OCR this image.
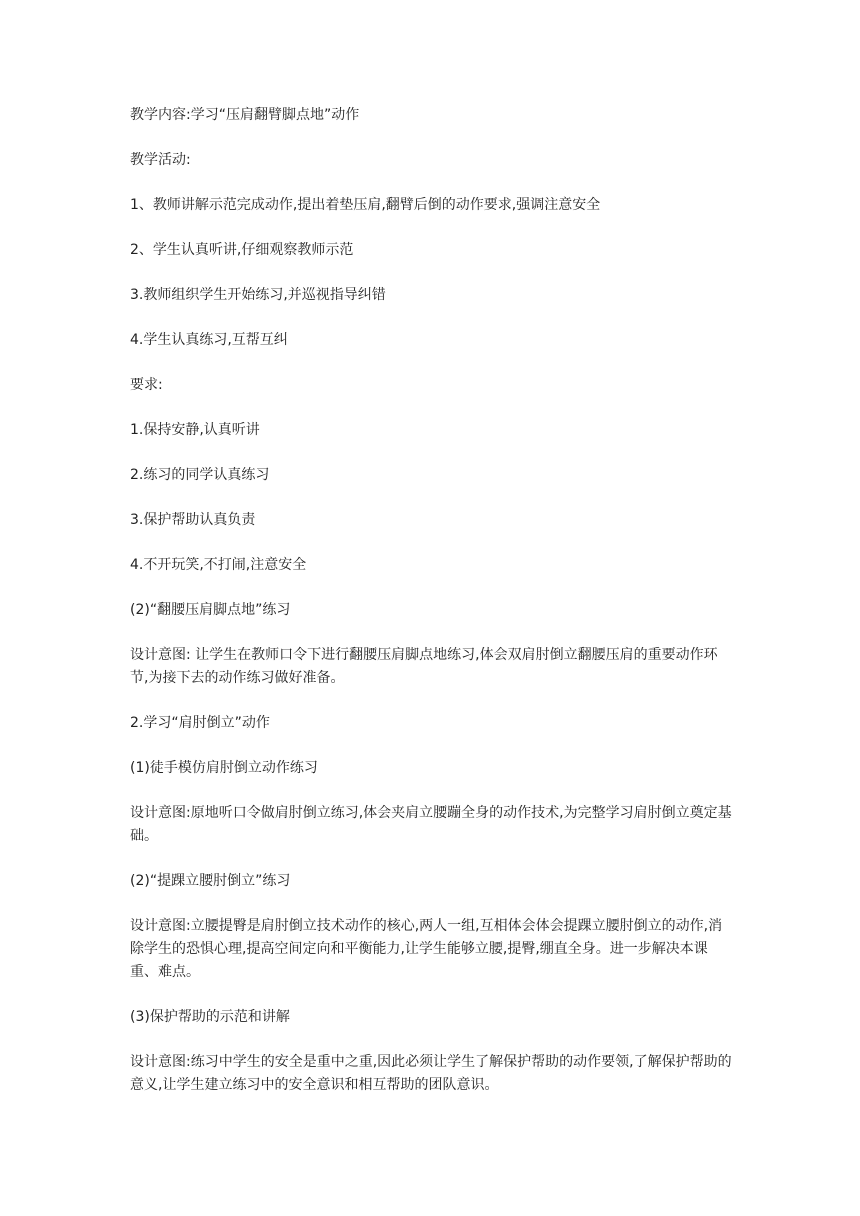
教学内容:学习“压肩翻臂脚点地”动作

教学活动:

1、教师讲解示范完成动作,提出着垫压肩,翻臂后倒的动作要求,强调注意安全

2、学生认真听讲,仔细观察教师示范

3.教师组织学生开始练习,并巡视指导纠错

4.学生认真练习,互帮互纠

要求:

1.保持安静,认真听讲

2.练习的同学认真练习

3.保护帮助认真负责

4.不开玩笑,不打闹,注意安全

(2)“翻腰压肩脚点地”练习

设计意图: 让学生在教师口令下进行翻腰压肩脚点地练习,体会双肩肘倒立翻腰压肩的重要动作环节,为接下去的动作练习做好准备。

2.学习“肩肘倒立”动作

(1)徒手模仿肩肘倒立动作练习

设计意图:原地听口令做肩肘倒立练习,体会夹肩立腰蹦全身的动作技术,为完整学习肩肘倒立奠定基础。

(2)“提踝立腰肘倒立”练习

设计意图:立腰提臀是肩肘倒立技术动作的核心,两人一组,互相体会体会提踝立腰肘倒立的动作,消除学生的恐惧心理,提高空间定向和平衡能力,让学生能够立腰,提臀,绷直全身。进一步解决本课重、难点。

(3)保护帮助的示范和讲解

设计意图:练习中学生的安全是重中之重,因此必须让学生了解保护帮助的动作要领,了解保护帮助的意义,让学生建立练习中的安全意识和相互帮助的团队意识。
